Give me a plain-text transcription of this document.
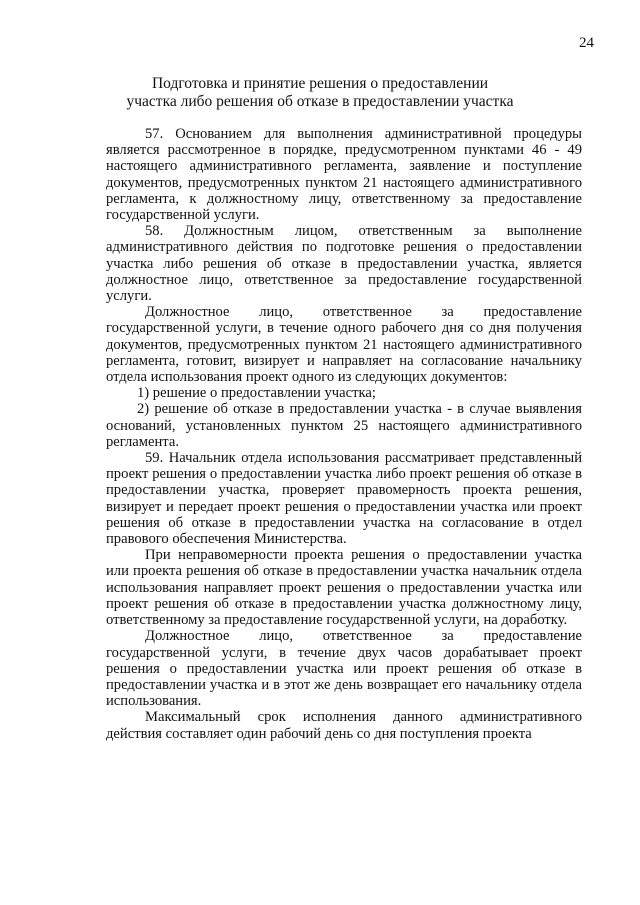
24
Подготовка и принятие решения о предоставлении
участка либо решения об отказе в предоставлении участка

57. Основанием для выполнения административной процедуры является рассмотренное в порядке, предусмотренном пунктами 46 - 49 настоящего административного регламента, заявление и поступление документов, предусмотренных пунктом 21 настоящего административного регламента, к должностному лицу, ответственному за предоставление государственной услуги.

58. Должностным лицом, ответственным за выполнение административного действия по подготовке решения о предоставлении участка либо решения об отказе в предоставлении участка, является должностное лицо, ответственное за предоставление государственной услуги.

Должностное лицо, ответственное за предоставление государственной услуги, в течение одного рабочего дня со дня получения документов, предусмотренных пунктом 21 настоящего административного регламента, готовит, визирует и направляет на согласование начальнику отдела использования проект одного из следующих документов:

1) решение о предоставлении участка;

2) решение об отказе в предоставлении участка - в случае выявления оснований, установленных пунктом 25 настоящего административного регламента.

59. Начальник отдела использования рассматривает представленный проект решения о предоставлении участка либо проект решения об отказе в предоставлении участка, проверяет правомерность проекта решения, визирует и передает проект решения о предоставлении участка или проект решения об отказе в предоставлении участка на согласование в отдел правового обеспечения Министерства.

При неправомерности проекта решения о предоставлении участка или проекта решения об отказе в предоставлении участка начальник отдела использования направляет проект решения о предоставлении участка или проект решения об отказе в предоставлении участка должностному лицу, ответственному за предоставление государственной услуги, на доработку.

Должностное лицо, ответственное за предоставление государственной услуги, в течение двух часов дорабатывает проект решения о предоставлении участка или проект решения об отказе в предоставлении участка и в этот же день возвращает его начальнику отдела использования.

Максимальный срок исполнения данного административного действия составляет один рабочий день со дня поступления проекта
